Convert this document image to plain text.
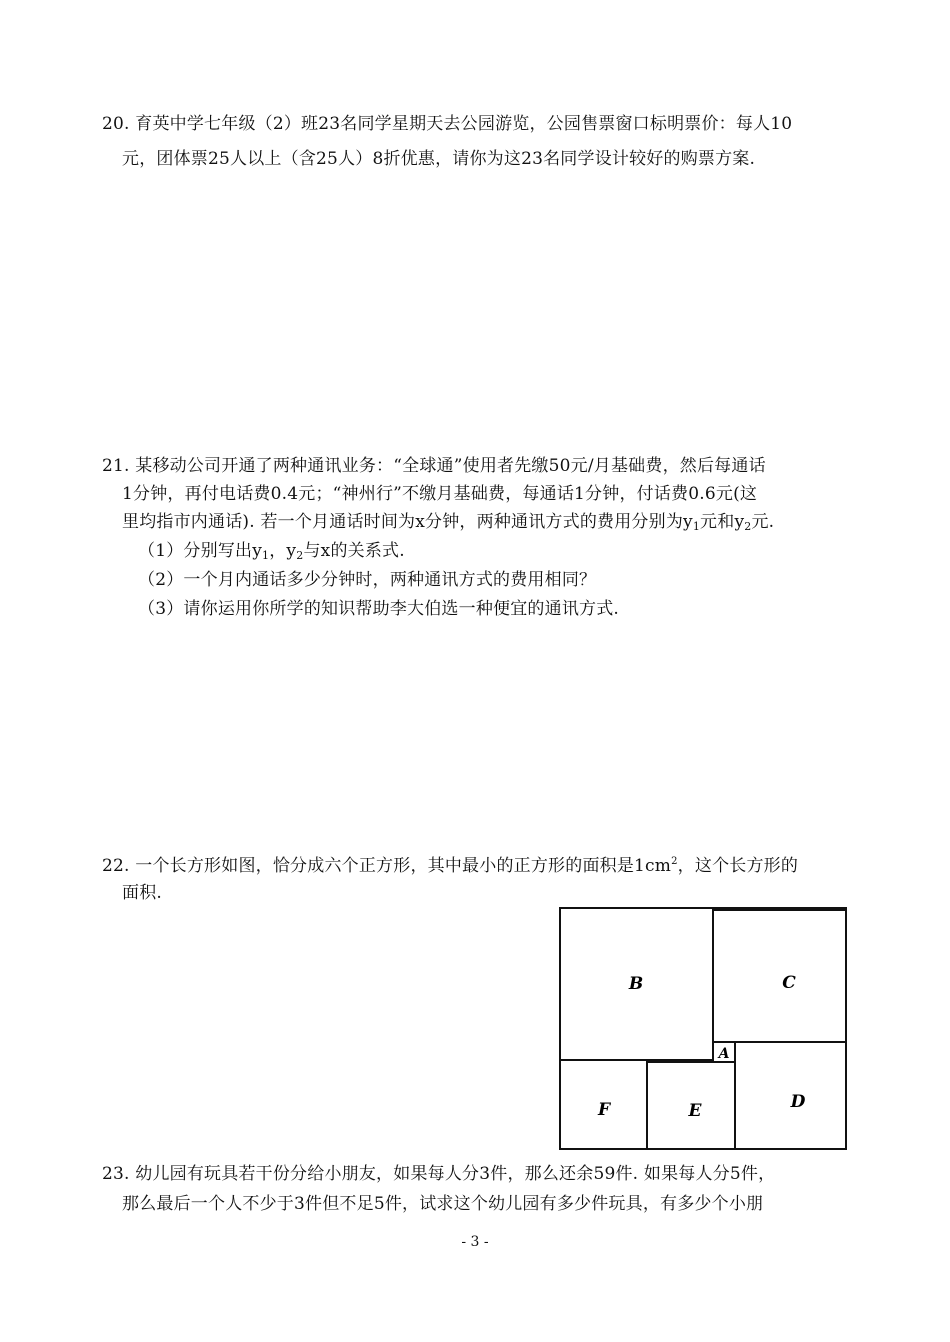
20. 育英中学七年级（2）班23名同学星期天去公园游览，公园售票窗口标明票价：每人10
元，团体票25人以上（含25人）8折优惠，请你为这23名同学设计较好的购票方案.
21. 某移动公司开通了两种通讯业务：“全球通”使用者先缴50元/月基础费，然后每通话
1分钟，再付电话费0.4元；“神州行”不缴月基础费，每通话1分钟，付话费0.6元(这
里均指市内通话). 若一个月通话时间为x分钟，两种通讯方式的费用分别为$y_1$元和$y_2$元.
（1）分别写出$y_1$，$y_2$与x的关系式.
（2）一个月内通话多少分钟时，两种通讯方式的费用相同？
（3）请你运用你所学的知识帮助李大伯选一种便宜的通讯方式.
22. 一个长方形如图，恰分成六个正方形，其中最小的正方形的面积是$1cm^2$，这个长方形的
面积.
B	C
A
F	E	D
23. 幼儿园有玩具若干份分给小朋友，如果每人分3件，那么还余59件. 如果每人分5件，
那么最后一个人不少于3件但不足5件，试求这个幼儿园有多少件玩具，有多少个小朋
- 3 -
